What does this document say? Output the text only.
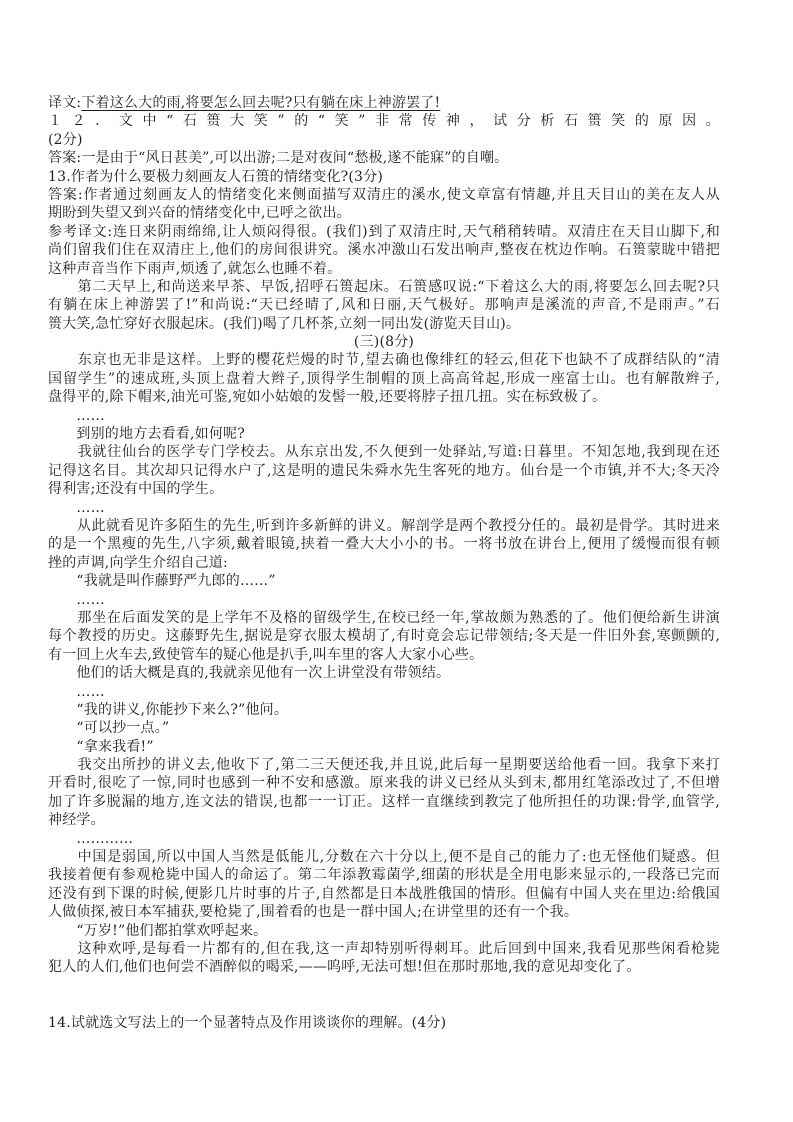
译文:下着这么大的雨,将要怎么回去呢?只有躺在床上神游罢了!
１２．文中“石篑大笑”的“笑”非常传神，试分析石篑笑的原因。
(2分)
答案:一是由于“风日甚美”,可以出游;二是对夜间“愁极,遂不能寐”的自嘲。
13.作者为什么要极力刻画友人石篑的情绪变化?(3分)
答案:作者通过刻画友人的情绪变化来侧面描写双清庄的溪水,使文章富有情趣,并且天目山的美在友人从
期盼到失望又到兴奋的情绪变化中,已呼之欲出。
参考译文:连日来阴雨绵绵,让人烦闷得很。(我们)到了双清庄时,天气稍稍转晴。双清庄在天目山脚下,和
尚们留我们住在双清庄上,他们的房间很讲究。溪水冲激山石发出响声,整夜在枕边作响。石篑蒙眬中错把
这种声音当作下雨声,烦透了,就怎么也睡不着。
　　第二天早上,和尚送来早茶、早饭,招呼石篑起床。石篑感叹说:“下着这么大的雨,将要怎么回去呢?只
有躺在床上神游罢了!”和尚说:“天已经晴了,风和日丽,天气极好。那响声是溪流的声音,不是雨声。”石
篑大笑,急忙穿好衣服起床。(我们)喝了几杯茶,立刻一同出发(游览天目山)。
(三)(8分)
　　东京也无非是这样。上野的樱花烂熳的时节,望去确也像绯红的轻云,但花下也缺不了成群结队的“清
国留学生”的速成班,头顶上盘着大辫子,顶得学生制帽的顶上高高耸起,形成一座富士山。也有解散辫子,
盘得平的,除下帽来,油光可鉴,宛如小姑娘的发髻一般,还要将脖子扭几扭。实在标致极了。
　　……
　　到别的地方去看看,如何呢?
　　我就往仙台的医学专门学校去。从东京出发,不久便到一处驿站,写道:日暮里。不知怎地,我到现在还
记得这名目。其次却只记得水户了,这是明的遗民朱舜水先生客死的地方。仙台是一个市镇,并不大;冬天冷
得利害;还没有中国的学生。
　　……
　　从此就看见许多陌生的先生,听到许多新鲜的讲义。解剖学是两个教授分任的。最初是骨学。其时进来
的是一个黑瘦的先生,八字须,戴着眼镜,挟着一叠大大小小的书。一将书放在讲台上,便用了缓慢而很有顿
挫的声调,向学生介绍自己道:
　　“我就是叫作藤野严九郎的……”
　　……
　　那坐在后面发笑的是上学年不及格的留级学生,在校已经一年,掌故颇为熟悉的了。他们便给新生讲演
每个教授的历史。这藤野先生,据说是穿衣服太模胡了,有时竟会忘记带领结;冬天是一件旧外套,寒颤颤的,
有一回上火车去,致使管车的疑心他是扒手,叫车里的客人大家小心些。
　　他们的话大概是真的,我就亲见他有一次上讲堂没有带领结。
　　……
　　“我的讲义,你能抄下来么?”他问。
　　“可以抄一点。”
　　“拿来我看!”
　　我交出所抄的讲义去,他收下了,第二三天便还我,并且说,此后每一星期要送给他看一回。我拿下来打
开看时,很吃了一惊,同时也感到一种不安和感激。原来我的讲义已经从头到末,都用红笔添改过了,不但增
加了许多脱漏的地方,连文法的错误,也都一一订正。这样一直继续到教完了他所担任的功课:骨学,血管学,
神经学。
　　…………
　　中国是弱国,所以中国人当然是低能儿,分数在六十分以上,便不是自己的能力了:也无怪他们疑惑。但
我接着便有参观枪毙中国人的命运了。第二年添教霉菌学,细菌的形状是全用电影来显示的,一段落已完而
还没有到下课的时候,便影几片时事的片子,自然都是日本战胜俄国的情形。但偏有中国人夹在里边:给俄国
人做侦探,被日本军捕获,要枪毙了,围着看的也是一群中国人;在讲堂里的还有一个我。
　　“万岁!”他们都拍掌欢呼起来。
　　这种欢呼,是每看一片都有的,但在我,这一声却特别听得刺耳。此后回到中国来,我看见那些闲看枪毙
犯人的人们,他们也何尝不酒醉似的喝采,——呜呼,无法可想!但在那时那地,我的意见却变化了。
14.试就选文写法上的一个显著特点及作用谈谈你的理解。(4分)
